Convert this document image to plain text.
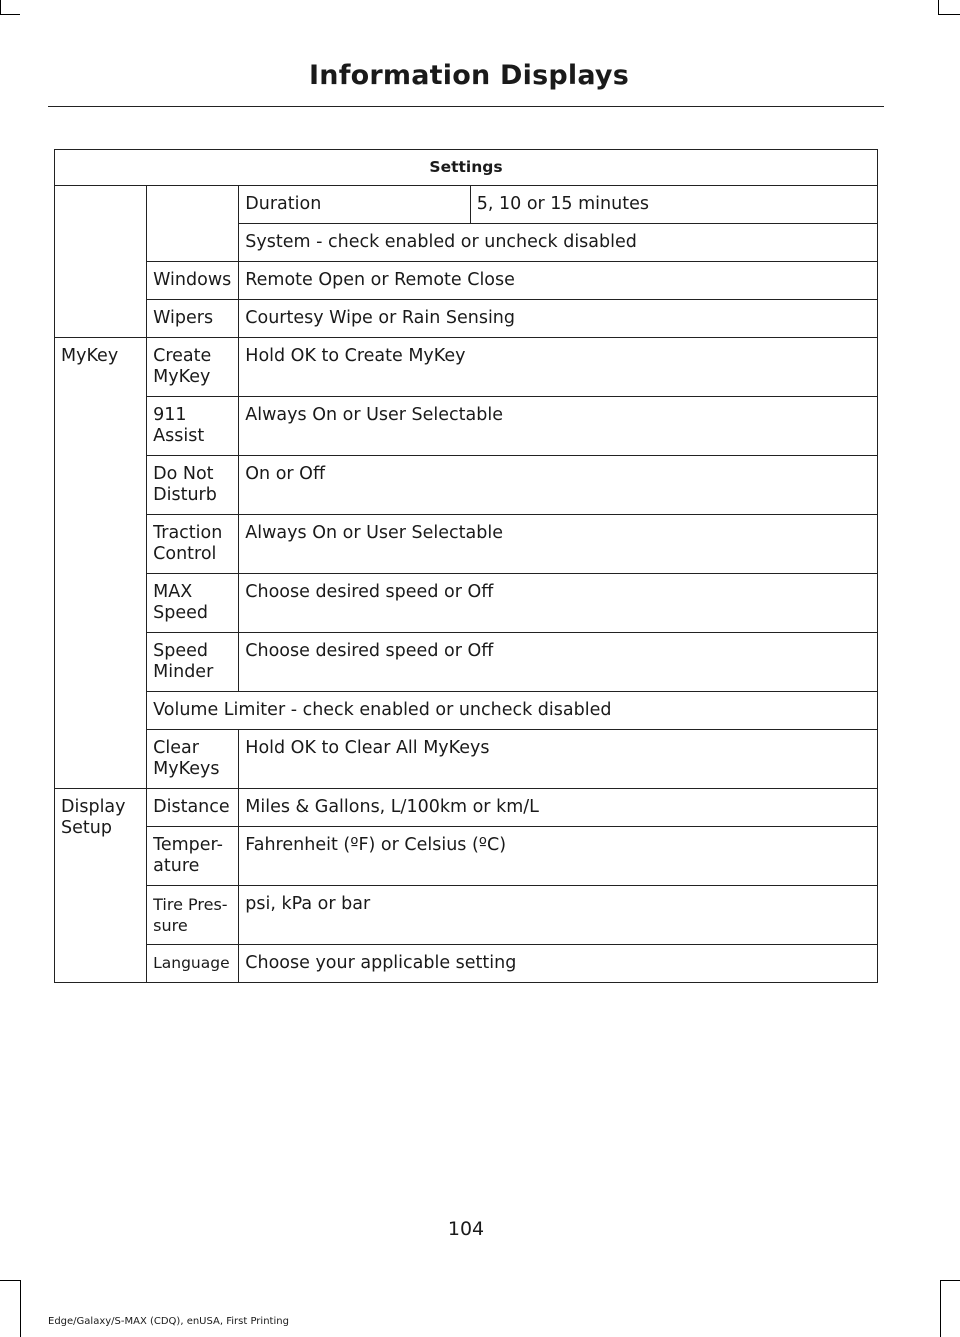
Information Displays
Settings			
		Duration	5, 10 or 15 minutes
		System - check enabled or uncheck disabled	
	Windows	Remote Open or Remote Close	
	Wipers	Courtesy Wipe or Rain Sensing	
MyKey	Create MyKey	Hold OK to Create MyKey	
	911 Assist	Always On or User Selectable	
	Do Not Disturb	On or Off	
	Traction Control	Always On or User Selectable	
	MAX Speed	Choose desired speed or Off	
	Speed Minder	Choose desired speed or Off	
	Volume Limiter - check enabled or uncheck disabled		
	Clear MyKeys	Hold OK to Clear All MyKeys	
Display Setup	Distance	Miles & Gallons, L/100km or km/L	
	Temper- ature	Fahrenheit (ºF) or Celsius (ºC)	
	Tire Pres- sure	psi, kPa or bar	
	Language	Choose your applicable setting	
104
Edge/Galaxy/S-MAX (CDQ), enUSA, First Printing
